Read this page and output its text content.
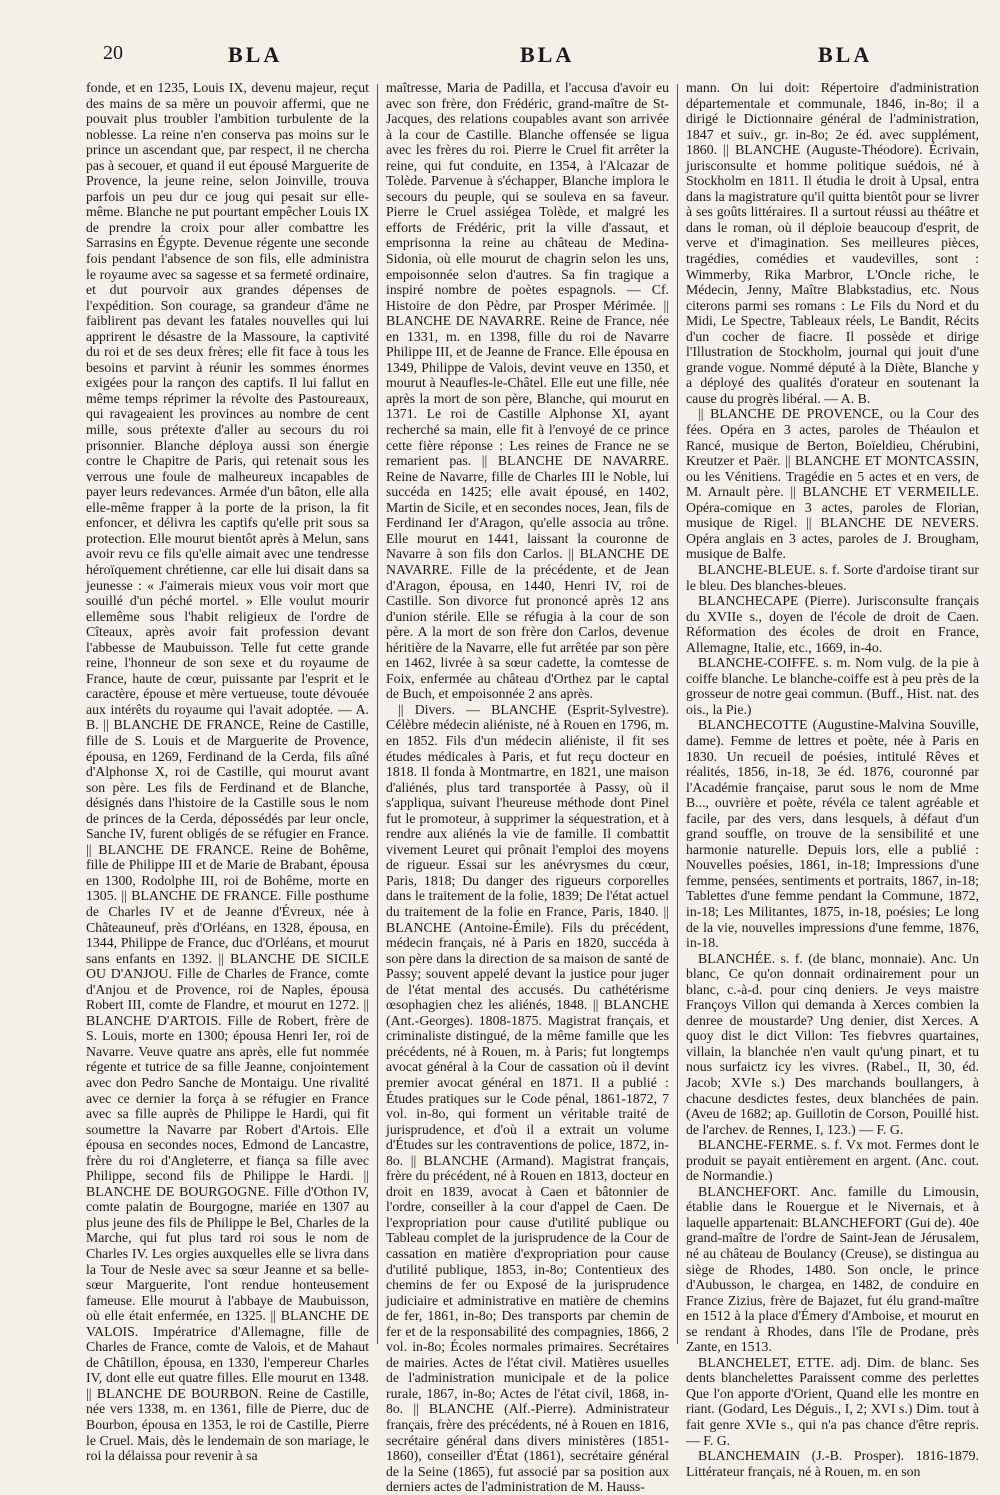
20	BLA	BLA	BLA

fonde, et en 1235, Louis IX, devenu majeur, reçut des mains de sa mère un pouvoir affermi, que ne pouvait plus troubler l'ambition turbulente de la noblesse. La reine n'en conserva pas moins sur le prince un ascendant que, par respect, il ne chercha pas à secouer, et quand il eut épousé Marguerite de Provence, la jeune reine, selon Joinville, trouva parfois un peu dur ce joug qui pesait sur elle-même. Blanche ne put pourtant empêcher Louis IX de prendre la croix pour aller combattre les Sarrasins en Égypte. Devenue régente une seconde fois pendant l'absence de son fils, elle administra le royaume avec sa sagesse et sa fermeté ordinaire, et dut pourvoir aux grandes dépenses de l'expédition. Son courage, sa grandeur d'âme ne faiblirent pas devant les fatales nouvelles qui lui apprirent le désastre de la Massoure, la captivité du roi et de ses deux frères; elle fit face à tous les besoins et parvint à réunir les sommes énormes exigées pour la rançon des captifs. Il lui fallut en même temps réprimer la révolte des Pastoureaux, qui ravageaient les provinces au nombre de cent mille, sous prétexte d'aller au secours du roi prisonnier. Blanche déploya aussi son énergie contre le Chapitre de Paris, qui retenait sous les verrous une foule de malheureux incapables de payer leurs redevances. Armée d'un bâton, elle alla elle-même frapper à la porte de la prison, la fit enfoncer, et délivra les captifs qu'elle prit sous sa protection. Elle mourut bientôt après à Melun, sans avoir revu ce fils qu'elle aimait avec une tendresse héroïquement chrétienne, car elle lui disait dans sa jeunesse : « J'aimerais mieux vous voir mort que souillé d'un péché mortel. » Elle voulut mourir ellemême sous l'habit religieux de l'ordre de Cîteaux, après avoir fait profession devant l'abbesse de Maubuisson. Telle fut cette grande reine, l'honneur de son sexe et du royaume de France, haute de cœur, puissante par l'esprit et le caractère, épouse et mère vertueuse, toute dévouée aux intérêts du royaume qui l'avait adoptée. — A. B. || BLANCHE DE FRANCE, Reine de Castille, fille de S. Louis et de Marguerite de Provence, épousa, en 1269, Ferdinand de la Cerda, fils aîné d'Alphonse X, roi de Castille, qui mourut avant son père. Les fils de Ferdinand et de Blanche, désignés dans l'histoire de la Castille sous le nom de princes de la Cerda, dépossédés par leur oncle, Sanche IV, furent obligés de se réfugier en France. || BLANCHE DE FRANCE. Reine de Bohême, fille de Philippe III et de Marie de Brabant, épousa en 1300, Rodolphe III, roi de Bohême, morte en 1305. || BLANCHE DE FRANCE. Fille posthume de Charles IV et de Jeanne d'Évreux, née à Châteauneuf, près d'Orléans, en 1328, épousa, en 1344, Philippe de France, duc d'Orléans, et mourut sans enfants en 1392. || BLANCHE DE SICILE OU D'ANJOU. Fille de Charles de France, comte d'Anjou et de Provence, roi de Naples, épousa Robert III, comte de Flandre, et mourut en 1272. || BLANCHE D'ARTOIS. Fille de Robert, frère de S. Louis, morte en 1300; épousa Henri Ier, roi de Navarre. Veuve quatre ans après, elle fut nommée régente et tutrice de sa fille Jeanne, conjointement avec don Pedro Sanche de Montaigu. Une rivalité avec ce dernier la força à se réfugier en France avec sa fille auprès de Philippe le Hardi, qui fit soumettre la Navarre par Robert d'Artois. Elle épousa en secondes noces, Edmond de Lancastre, frère du roi d'Angleterre, et fiança sa fille avec Philippe, second fils de Philippe le Hardi. || BLANCHE DE BOURGOGNE. Fille d'Othon IV, comte palatin de Bourgogne, mariée en 1307 au plus jeune des fils de Philippe le Bel, Charles de la Marche, qui fut plus tard roi sous le nom de Charles IV. Les orgies auxquelles elle se livra dans la Tour de Nesle avec sa sœur Jeanne et sa belle-sœur Marguerite, l'ont rendue honteusement fameuse. Elle mourut à l'abbaye de Maubuisson, où elle était enfermée, en 1325. || BLANCHE DE VALOIS. Impératrice d'Allemagne, fille de Charles de France, comte de Valois, et de Mahaut de Châtillon, épousa, en 1330, l'empereur Charles IV, dont elle eut quatre filles. Elle mourut en 1348. || BLANCHE DE BOURBON. Reine de Castille, née vers 1338, m. en 1361, fille de Pierre, duc de Bourbon, épousa en 1353, le roi de Castille, Pierre le Cruel. Mais, dès le lendemain de son mariage, le roi la délaissa pour revenir à sa

maîtresse, Maria de Padilla, et l'accusa d'avoir eu avec son frère, don Frédéric, grand-maître de St-Jacques, des relations coupables avant son arrivée à la cour de Castille. Blanche offensée se ligua avec les frères du roi. Pierre le Cruel fit arrêter la reine, qui fut conduite, en 1354, à l'Alcazar de Tolède. Parvenue à s'échapper, Blanche implora le secours du peuple, qui se souleva en sa faveur. Pierre le Cruel assiégea Tolède, et malgré les efforts de Frédéric, prit la ville d'assaut, et emprisonna la reine au château de Medina-Sidonia, où elle mourut de chagrin selon les uns, empoisonnée selon d'autres. Sa fin tragique a inspiré nombre de poètes espagnols. — Cf. Histoire de don Pèdre, par Prosper Mérimée. || BLANCHE DE NAVARRE. Reine de France, née en 1331, m. en 1398, fille du roi de Navarre Philippe III, et de Jeanne de France. Elle épousa en 1349, Philippe de Valois, devint veuve en 1350, et mourut à Neaufles-le-Châtel. Elle eut une fille, née après la mort de son père, Blanche, qui mourut en 1371. Le roi de Castille Alphonse XI, ayant recherché sa main, elle fit à l'envoyé de ce prince cette fière réponse : Les reines de France ne se remarient pas. || BLANCHE DE NAVARRE. Reine de Navarre, fille de Charles III le Noble, lui succéda en 1425; elle avait épousé, en 1402, Martin de Sicile, et en secondes noces, Jean, fils de Ferdinand Ier d'Aragon, qu'elle associa au trône. Elle mourut en 1441, laissant la couronne de Navarre à son fils don Carlos. || BLANCHE DE NAVARRE. Fille de la précédente, et de Jean d'Aragon, épousa, en 1440, Henri IV, roi de Castille. Son divorce fut prononcé après 12 ans d'union stérile. Elle se réfugia à la cour de son père. A la mort de son frère don Carlos, devenue héritière de la Navarre, elle fut arrêtée par son père en 1462, livrée à sa sœur cadette, la comtesse de Foix, enfermée au château d'Orthez par le captal de Buch, et empoisonnée 2 ans après.

|| Divers. — BLANCHE (Esprit-Sylvestre). Célèbre médecin aliéniste, né à Rouen en 1796, m. en 1852. Fils d'un médecin aliéniste, il fit ses études médicales à Paris, et fut reçu docteur en 1818. Il fonda à Montmartre, en 1821, une maison d'aliénés, plus tard transportée à Passy, où il s'appliqua, suivant l'heureuse méthode dont Pinel fut le promoteur, à supprimer la séquestration, et à rendre aux aliénés la vie de famille. Il combattit vivement Leuret qui prônait l'emploi des moyens de rigueur. Essai sur les anévrysmes du cœur, Paris, 1818; Du danger des rigueurs corporelles dans le traitement de la folie, 1839; De l'état actuel du traitement de la folie en France, Paris, 1840. || BLANCHE (Antoine-Émile). Fils du précédent, médecin français, né à Paris en 1820, succéda à son père dans la direction de sa maison de santé de Passy; souvent appelé devant la justice pour juger de l'état mental des accusés. Du cathétérisme œsophagien chez les aliénés, 1848. || BLANCHE (Ant.-Georges). 1808-1875. Magistrat français, et criminaliste distingué, de la même famille que les précédents, né à Rouen, m. à Paris; fut longtemps avocat général à la Cour de cassation où il devint premier avocat général en 1871. Il a publié : Études pratiques sur le Code pénal, 1861-1872, 7 vol. in-8o, qui forment un véritable traité de jurisprudence, et d'où il a extrait un volume d'Études sur les contraventions de police, 1872, in-8o. || BLANCHE (Armand). Magistrat français, frère du précédent, né à Rouen en 1813, docteur en droit en 1839, avocat à Caen et bâtonnier de l'ordre, conseiller à la cour d'appel de Caen. De l'expropriation pour cause d'utilité publique ou Tableau complet de la jurisprudence de la Cour de cassation en matière d'expropriation pour cause d'utilité publique, 1853, in-8o; Contentieux des chemins de fer ou Exposé de la jurisprudence judiciaire et administrative en matière de chemins de fer, 1861, in-8o; Des transports par chemin de fer et de la responsabilité des compagnies, 1866, 2 vol. in-8o; Écoles normales primaires. Secrétaires de mairies. Actes de l'état civil. Matières usuelles de l'administration municipale et de la police rurale, 1867, in-8o; Actes de l'état civil, 1868, in-8o. || BLANCHE (Alf.-Pierre). Administrateur français, frère des précédents, né à Rouen en 1816, secrétaire général dans divers ministères (1851-1860), conseiller d'État (1861), secrétaire général de la Seine (1865), fut associé par sa position aux derniers actes de l'administration de M. Hauss-

mann. On lui doit: Répertoire d'administration départementale et communale, 1846, in-8o; il a dirigé le Dictionnaire général de l'administration, 1847 et suiv., gr. in-8o; 2e éd. avec supplément, 1860. || BLANCHE (Auguste-Théodore). Écrivain, jurisconsulte et homme politique suédois, né à Stockholm en 1811. Il étudia le droit à Upsal, entra dans la magistrature qu'il quitta bientôt pour se livrer à ses goûts littéraires. Il a surtout réussi au théâtre et dans le roman, où il déploie beaucoup d'esprit, de verve et d'imagination. Ses meilleures pièces, tragédies, comédies et vaudevilles, sont : Wimmerby, Rika Marbror, L'Oncle riche, le Médecin, Jenny, Maître Blabkstadius, etc. Nous citerons parmi ses romans : Le Fils du Nord et du Midi, Le Spectre, Tableaux réels, Le Bandit, Récits d'un cocher de fiacre. Il possède et dirige l'Illustration de Stockholm, journal qui jouit d'une grande vogue. Nommé député à la Diète, Blanche y a déployé des qualités d'orateur en soutenant la cause du progrès libéral. — A. B.

|| BLANCHE DE PROVENCE, ou la Cour des fées. Opéra en 3 actes, paroles de Théaulon et Rancé, musique de Berton, Boïeldieu, Chérubini, Kreutzer et Paër. || BLANCHE ET MONTCASSIN, ou les Vénitiens. Tragédie en 5 actes et en vers, de M. Arnault père. || BLANCHE ET VERMEILLE. Opéra-comique en 3 actes, paroles de Florian, musique de Rigel. || BLANCHE DE NEVERS. Opéra anglais en 3 actes, paroles de J. Brougham, musique de Balfe.

BLANCHE-BLEUE. s. f. Sorte d'ardoise tirant sur le bleu. Des blanches-bleues.

BLANCHECAPE (Pierre). Jurisconsulte français du XVIIe s., doyen de l'école de droit de Caen. Réformation des écoles de droit en France, Allemagne, Italie, etc., 1669, in-4o.

BLANCHE-COIFFE. s. m. Nom vulg. de la pie à coiffe blanche. Le blanche-coiffe est à peu près de la grosseur de notre geai commun. (Buff., Hist. nat. des ois., la Pie.)

BLANCHECOTTE (Augustine-Malvina Souville, dame). Femme de lettres et poète, née à Paris en 1830. Un recueil de poésies, intitulé Rêves et réalités, 1856, in-18, 3e éd. 1876, couronné par l'Académie française, parut sous le nom de Mme B..., ouvrière et poète, révéla ce talent agréable et facile, par des vers, dans lesquels, à défaut d'un grand souffle, on trouve de la sensibilité et une harmonie naturelle. Depuis lors, elle a publié : Nouvelles poésies, 1861, in-18; Impressions d'une femme, pensées, sentiments et portraits, 1867, in-18; Tablettes d'une femme pendant la Commune, 1872, in-18; Les Militantes, 1875, in-18, poésies; Le long de la vie, nouvelles impressions d'une femme, 1876, in-18.

BLANCHÉE. s. f. (de blanc, monnaie). Anc. Un blanc, Ce qu'on donnait ordinairement pour un blanc, c.-à-d. pour cinq deniers. Je veys maistre Françoys Villon qui demanda à Xerces combien la denree de moustarde? Ung denier, dist Xerces. A quoy dist le dict Villon: Tes fiebvres quartaines, villain, la blanchée n'en vault qu'ung pinart, et tu nous surfaictz icy les vivres. (Rabel., II, 30, éd. Jacob; XVIe s.) Des marchands boullangers, à chacune desdictes festes, deux blanchées de pain. (Aveu de 1682; ap. Guillotin de Corson, Pouillé hist. de l'archev. de Rennes, I, 123.) — F. G.

BLANCHE-FERME. s. f. Vx mot. Fermes dont le produit se payait entièrement en argent. (Anc. cout. de Normandie.)

BLANCHEFORT. Anc. famille du Limousin, établie dans le Rouergue et le Nivernais, et à laquelle appartenait: BLANCHEFORT (Gui de). 40e grand-maître de l'ordre de Saint-Jean de Jérusalem, né au château de Boulancy (Creuse), se distingua au siège de Rhodes, 1480. Son oncle, le prince d'Aubusson, le chargea, en 1482, de conduire en France Zizius, frère de Bajazet, fut élu grand-maître en 1512 à la place d'Émery d'Amboise, et mourut en se rendant à Rhodes, dans l'île de Prodane, près Zante, en 1513.

BLANCHELET, ETTE. adj. Dim. de blanc. Ses dents blanchelettes Paraissent comme des perlettes Que l'on apporte d'Orient, Quand elle les montre en riant. (Godard, Les Déguis., I, 2; XVI s.) Dim. tout à fait genre XVIe s., qui n'a pas chance d'être repris. — F. G.

BLANCHEMAIN (J.-B. Prosper). 1816-1879. Littérateur français, né à Rouen, m. en son
